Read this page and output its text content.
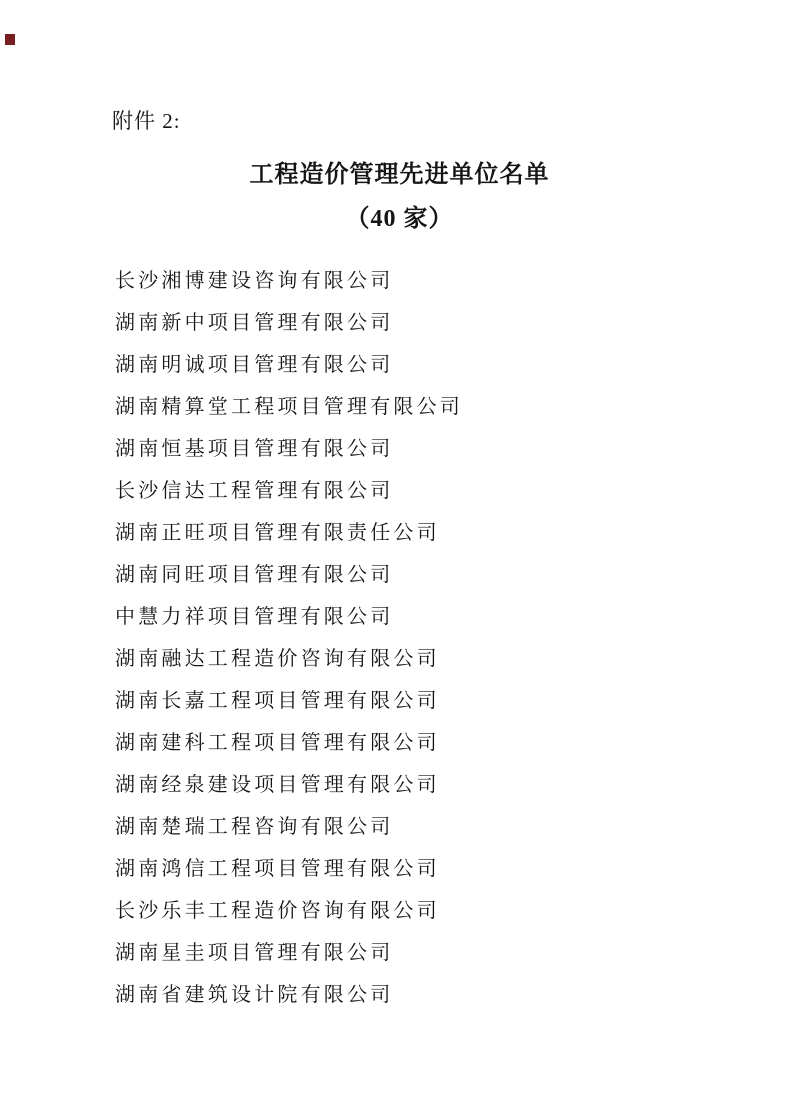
附件 2:
工程造价管理先进单位名单
（40 家）
长沙湘博建设咨询有限公司
湖南新中项目管理有限公司
湖南明诚项目管理有限公司
湖南精算堂工程项目管理有限公司
湖南恒基项目管理有限公司
长沙信达工程管理有限公司
湖南正旺项目管理有限责任公司
湖南同旺项目管理有限公司
中慧力祥项目管理有限公司
湖南融达工程造价咨询有限公司
湖南长嘉工程项目管理有限公司
湖南建科工程项目管理有限公司
湖南经泉建设项目管理有限公司
湖南楚瑞工程咨询有限公司
湖南鸿信工程项目管理有限公司
长沙乐丰工程造价咨询有限公司
湖南星圭项目管理有限公司
湖南省建筑设计院有限公司
